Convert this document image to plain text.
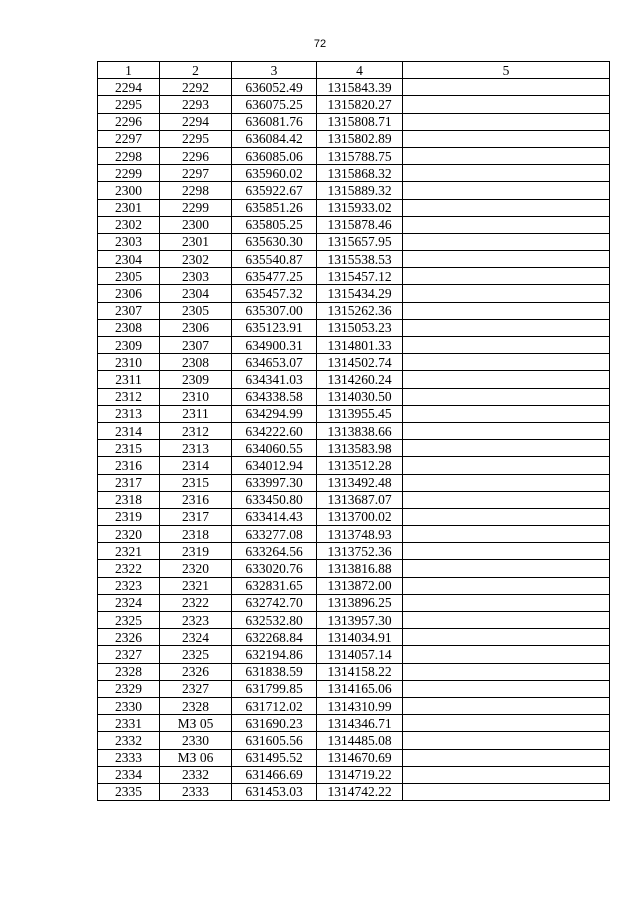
72
1	2	3	4	5
2294	2292	636052.49	1315843.39	
2295	2293	636075.25	1315820.27	
2296	2294	636081.76	1315808.71	
2297	2295	636084.42	1315802.89	
2298	2296	636085.06	1315788.75	
2299	2297	635960.02	1315868.32	
2300	2298	635922.67	1315889.32	
2301	2299	635851.26	1315933.02	
2302	2300	635805.25	1315878.46	
2303	2301	635630.30	1315657.95	
2304	2302	635540.87	1315538.53	
2305	2303	635477.25	1315457.12	
2306	2304	635457.32	1315434.29	
2307	2305	635307.00	1315262.36	
2308	2306	635123.91	1315053.23	
2309	2307	634900.31	1314801.33	
2310	2308	634653.07	1314502.74	
2311	2309	634341.03	1314260.24	
2312	2310	634338.58	1314030.50	
2313	2311	634294.99	1313955.45	
2314	2312	634222.60	1313838.66	
2315	2313	634060.55	1313583.98	
2316	2314	634012.94	1313512.28	
2317	2315	633997.30	1313492.48	
2318	2316	633450.80	1313687.07	
2319	2317	633414.43	1313700.02	
2320	2318	633277.08	1313748.93	
2321	2319	633264.56	1313752.36	
2322	2320	633020.76	1313816.88	
2323	2321	632831.65	1313872.00	
2324	2322	632742.70	1313896.25	
2325	2323	632532.80	1313957.30	
2326	2324	632268.84	1314034.91	
2327	2325	632194.86	1314057.14	
2328	2326	631838.59	1314158.22	
2329	2327	631799.85	1314165.06	
2330	2328	631712.02	1314310.99	
2331	МЗ 05	631690.23	1314346.71	
2332	2330	631605.56	1314485.08	
2333	МЗ 06	631495.52	1314670.69	
2334	2332	631466.69	1314719.22	
2335	2333	631453.03	1314742.22	
